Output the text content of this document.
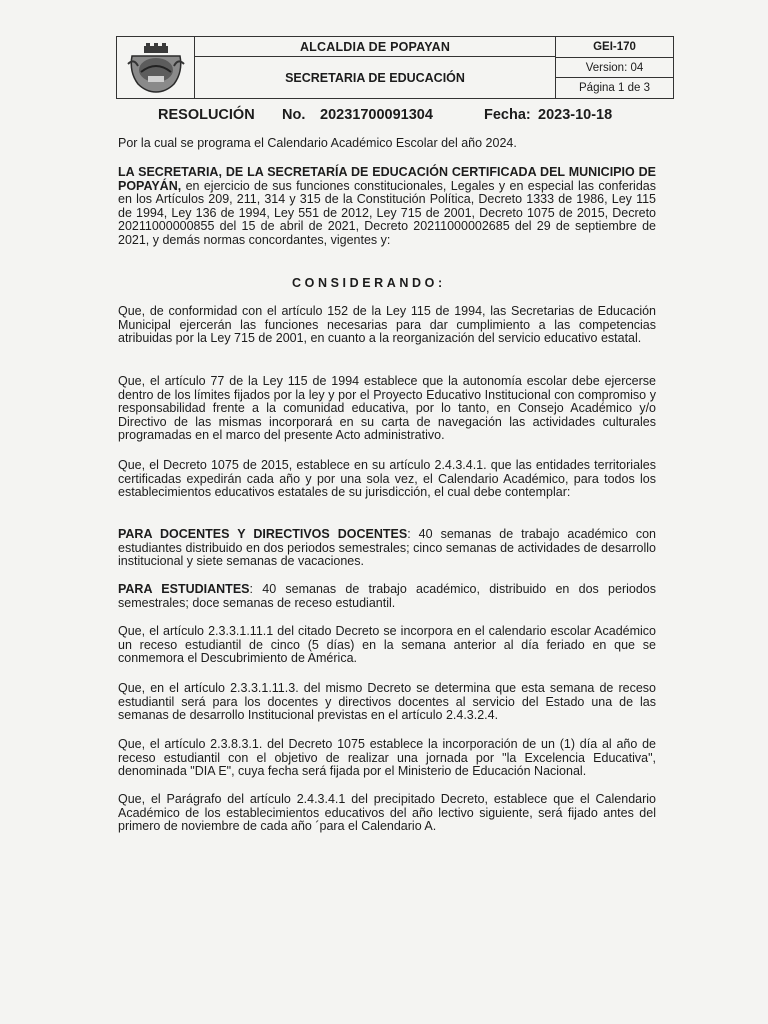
ALCALDIA DE POPAYAN
SECRETARIA DE EDUCACIÓN
GEI-170
Version: 04
Página 1 de 3
RESOLUCIÓN No. 20231700091304	Fecha: 2023-10-18
Por la cual se programa el Calendario Académico Escolar del año 2024.
LA SECRETARIA, DE LA SECRETARÍA DE EDUCACIÓN CERTIFICADA DEL MUNICIPIO DE POPAYÁN, en ejercicio de sus funciones constitucionales, Legales y en especial las conferidas en los Artículos 209, 211, 314 y 315 de la Constitución Política, Decreto 1333 de 1986, Ley 115 de 1994, Ley 136 de 1994, Ley 551 de 2012, Ley 715 de 2001, Decreto 1075 de 2015, Decreto 20211000000855 del 15 de abril de 2021, Decreto 20211000002685 del 29 de septiembre de 2021, y demás normas concordantes, vigentes y:
CONSIDERANDO:
Que, de conformidad con el artículo 152 de la Ley 115 de 1994, las Secretarias de Educación Municipal ejercerán las funciones necesarias para dar cumplimiento a las competencias atribuidas por la Ley 715 de 2001, en cuanto a la reorganización del servicio educativo estatal.
Que, el artículo 77 de la Ley 115 de 1994 establece que la autonomía escolar debe ejercerse dentro de los límites fijados por la ley y por el Proyecto Educativo Institucional con compromiso y responsabilidad frente a la comunidad educativa, por lo tanto, en Consejo Académico y/o Directivo de las mismas incorporará en su carta de navegación las actividades culturales programadas en el marco del presente Acto administrativo.
Que, el Decreto 1075 de 2015, establece en su artículo 2.4.3.4.1. que las entidades territoriales certificadas expedirán cada año y por una sola vez, el Calendario Académico, para todos los establecimientos educativos estatales de su jurisdicción, el cual debe contemplar:
PARA DOCENTES Y DIRECTIVOS DOCENTES: 40 semanas de trabajo académico con estudiantes distribuido en dos periodos semestrales; cinco semanas de actividades de desarrollo institucional y siete semanas de vacaciones.
PARA ESTUDIANTES: 40 semanas de trabajo académico, distribuido en dos periodos semestrales; doce semanas de receso estudiantil.
Que, el artículo 2.3.3.1.11.1 del citado Decreto se incorpora en el calendario escolar Académico un receso estudiantil de cinco (5 días) en la semana anterior al día feriado en que se conmemora el Descubrimiento de América.
Que, en el artículo 2.3.3.1.11.3. del mismo Decreto se determina que esta semana de receso estudiantil será para los docentes y directivos docentes al servicio del Estado una de las semanas de desarrollo Institucional previstas en el artículo 2.4.3.2.4.
Que, el artículo 2.3.8.3.1. del Decreto 1075 establece la incorporación de un (1) día al año de receso estudiantil con el objetivo de realizar una jornada por "la Excelencia Educativa", denominada "DIA E", cuya fecha será fijada por el Ministerio de Educación Nacional.
Que, el Parágrafo del artículo 2.4.3.4.1 del precipitado Decreto, establece que el Calendario Académico de los establecimientos educativos del año lectivo siguiente, será fijado antes del primero de noviembre de cada año ´para el Calendario A.
